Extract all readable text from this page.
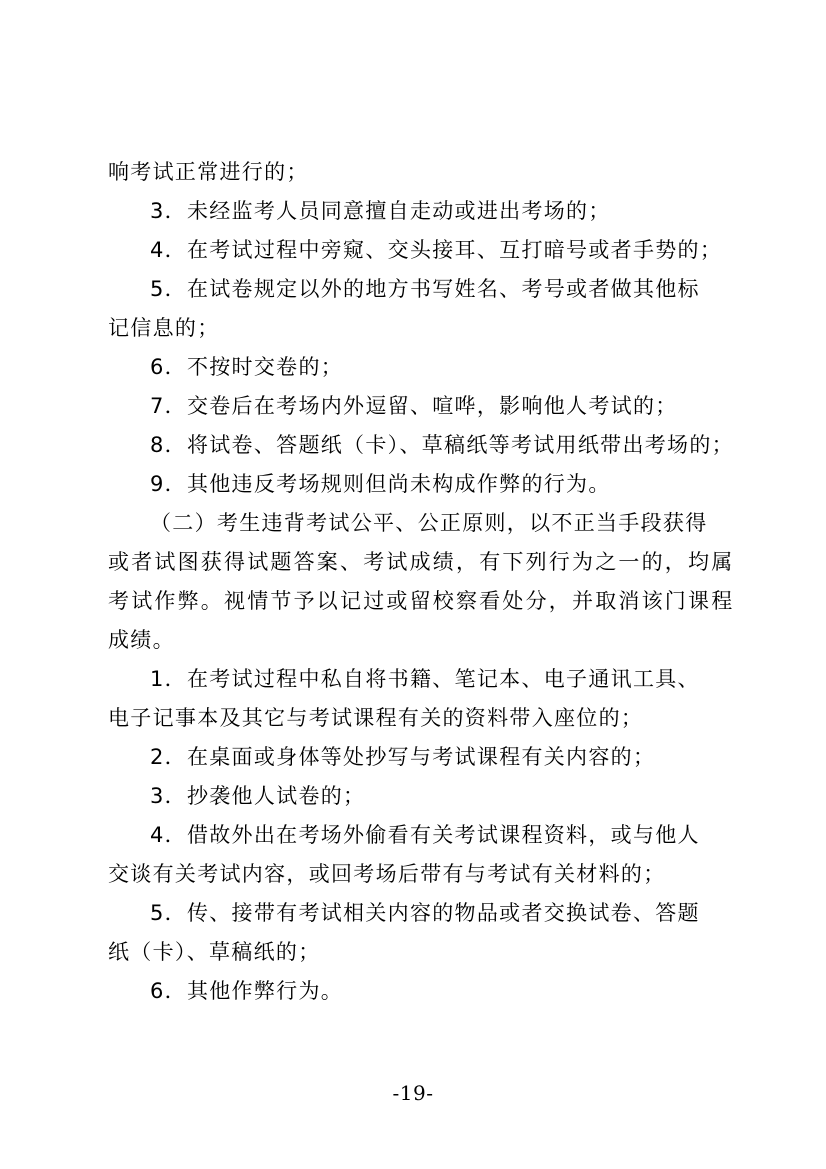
响考试正常进行的；
3．未经监考人员同意擅自走动或进出考场的；
4．在考试过程中旁窥、交头接耳、互打暗号或者手势的；
5．在试卷规定以外的地方书写姓名、考号或者做其他标
记信息的；
6．不按时交卷的；
7．交卷后在考场内外逗留、喧哗，影响他人考试的；
8．将试卷、答题纸（卡）、草稿纸等考试用纸带出考场的；
9．其他违反考场规则但尚未构成作弊的行为。
（二）考生违背考试公平、公正原则，以不正当手段获得
或者试图获得试题答案、考试成绩，有下列行为之一的，均属
考试作弊。视情节予以记过或留校察看处分，并取消该门课程
成绩。
1．在考试过程中私自将书籍、笔记本、电子通讯工具、
电子记事本及其它与考试课程有关的资料带入座位的；
2．在桌面或身体等处抄写与考试课程有关内容的；
3．抄袭他人试卷的；
4．借故外出在考场外偷看有关考试课程资料，或与他人
交谈有关考试内容，或回考场后带有与考试有关材料的；
5．传、接带有考试相关内容的物品或者交换试卷、答题
纸（卡）、草稿纸的；
6．其他作弊行为。
-19-
